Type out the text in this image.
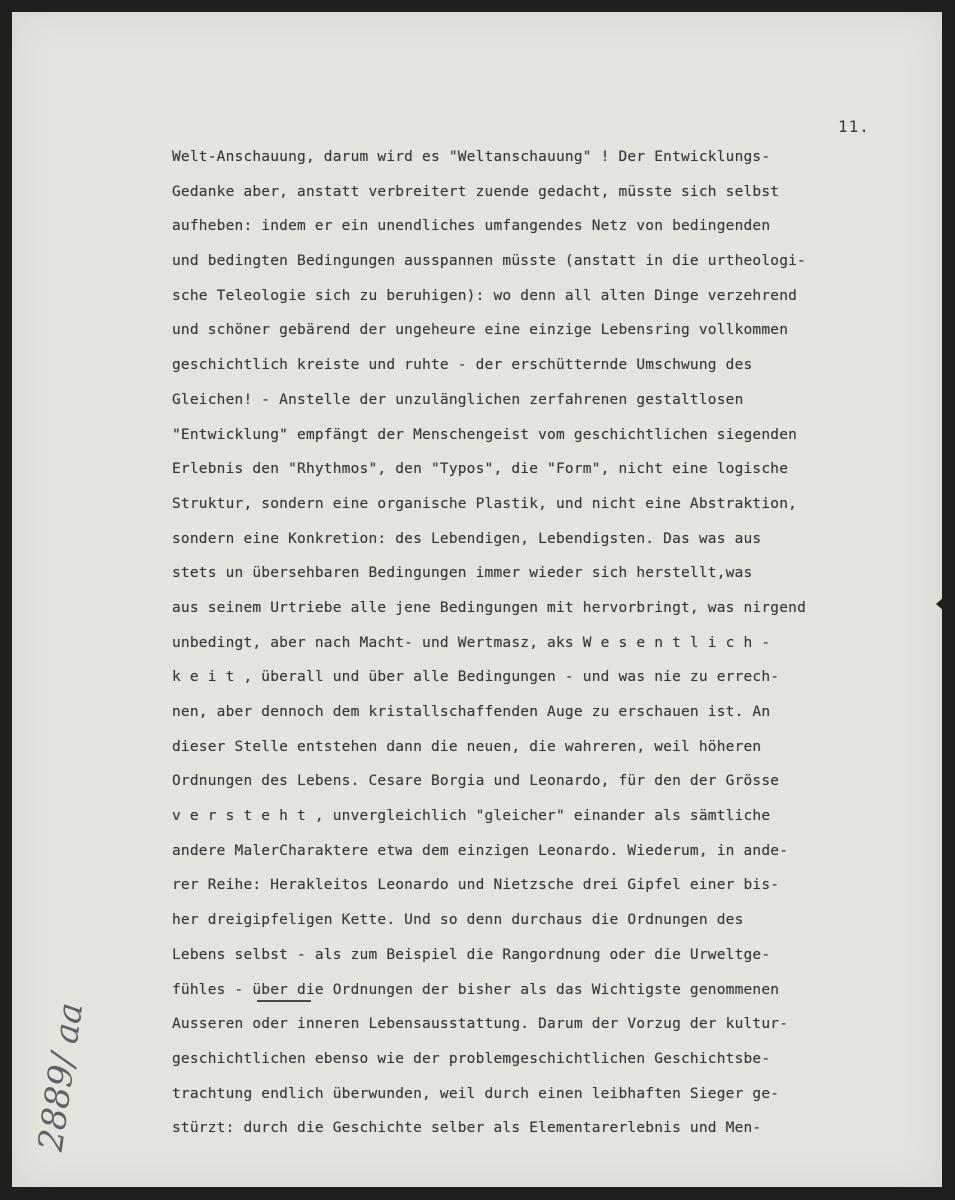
11.
Welt-Anschauung, darum wird es "Weltanschauung" ! Der Entwicklungs-
Gedanke aber, anstatt verbreitert zuende gedacht, müsste sich selbst
aufheben: indem er ein unendliches umfangendes Netz von bedingenden
und bedingten Bedingungen ausspannen müsste (anstatt in die urtheologi-
sche Teleologie sich zu beruhigen): wo denn all alten Dinge verzehrend
und schöner gebärend der ungeheure eine einzige Lebensring vollkommen
geschichtlich kreiste und ruhte - der erschütternde Umschwung des
Gleichen! - Anstelle der unzulänglichen zerfahrenen gestaltlosen
"Entwicklung" empfängt der Menschengeist vom geschichtlichen siegenden
Erlebnis den "Rhythmos", den "Typos", die "Form", nicht eine logische
Struktur, sondern eine organische Plastik, und nicht eine Abstraktion,
sondern eine Konkretion: des Lebendigen, Lebendigsten. Das was aus
stets un übersehbaren Bedingungen immer wieder sich herstellt,was
aus seinem Urtriebe alle jene Bedingungen mit hervorbringt, was nirgend
unbedingt, aber nach Macht- und Wertmasz, aks W e s e n t l i c h -
k e i t , überall und über alle Bedingungen - und was nie zu errech-
nen, aber dennoch dem kristallschaffenden Auge zu erschauen ist. An
dieser Stelle entstehen dann die neuen, die wahreren, weil höheren
Ordnungen des Lebens. Cesare Borgia und Leonardo, für den der Grösse
v e r s t e h t , unvergleichlich "gleicher" einander als sämtliche
andere MalerCharaktere etwa dem einzigen Leonardo. Wiederum, in ande-
rer Reihe: Herakleitos Leonardo und Nietzsche drei Gipfel einer bis-
her dreigipfeligen Kette. Und so denn durchaus die Ordnungen des
Lebens selbst - als zum Beispiel die Rangordnung oder die Urweltge-
fühles - über die Ordnungen der bisher als das Wichtigste genommenen
Ausseren oder inneren Lebensausstattung. Darum der Vorzug der kultur-
geschichtlichen ebenso wie der problemgeschichtlichen Geschichtsbe-
trachtung endlich überwunden, weil durch einen leibhaften Sieger ge-
stürzt: durch die Geschichte selber als Elementarerlebnis und Men-
2889/ aa
